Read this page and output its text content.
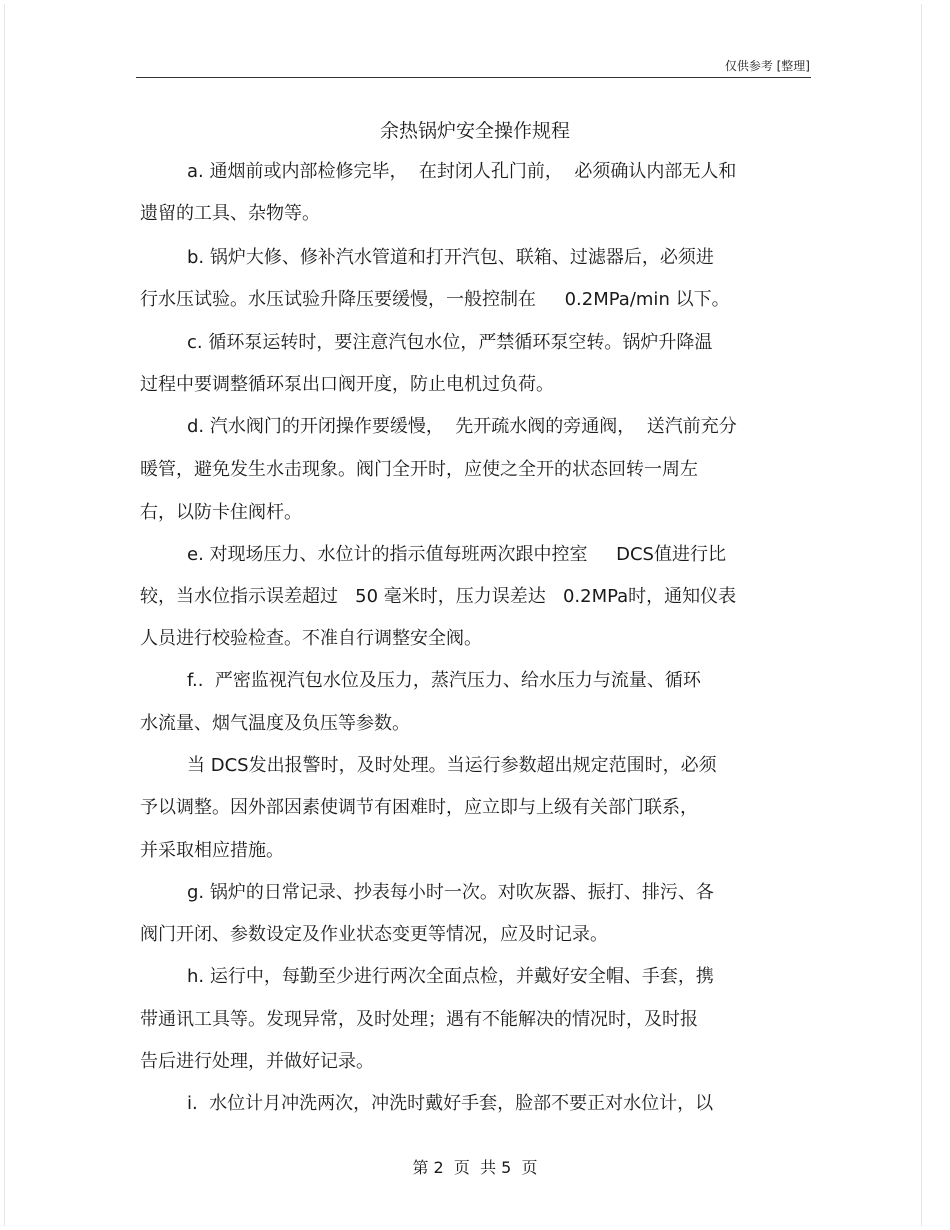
仅供参考 [整理]
余热锅炉安全操作规程
a. 通烟前或内部检修完毕，  在封闭人孔门前，  必须确认内部无人和
遗留的工具、杂物等。
b. 锅炉大修、修补汽水管道和打开汽包、联箱、过滤器后，必须进
行水压试验。水压试验升降压要缓慢，一般控制在     0.2MPa/min 以下。
c. 循环泵运转时，要注意汽包水位，严禁循环泵空转。锅炉升降温
过程中要调整循环泵出口阀开度，防止电机过负荷。
d. 汽水阀门的开闭操作要缓慢，  先开疏水阀的旁通阀，  送汽前充分
暖管，避免发生水击现象。阀门全开时，应使之全开的状态回转一周左
右，以防卡住阀杆。
e. 对现场压力、水位计的指示值每班两次跟中控室     DCS值进行比
较，当水位指示误差超过   50 毫米时，压力误差达   0.2MPa时，通知仪表
人员进行校验检查。不准自行调整安全阀。
f..  严密监视汽包水位及压力，蒸汽压力、给水压力与流量、循环
水流量、烟气温度及负压等参数。
当 DCS发出报警时，及时处理。当运行参数超出规定范围时，必须
予以调整。因外部因素使调节有困难时，应立即与上级有关部门联系，
并采取相应措施。
g. 锅炉的日常记录、抄表每小时一次。对吹灰器、振打、排污、各
阀门开闭、参数设定及作业状态变更等情况，应及时记录。
h. 运行中，每勤至少进行两次全面点检，并戴好安全帽、手套，携
带通讯工具等。发现异常，及时处理；遇有不能解决的情况时，及时报
告后进行处理，并做好记录。
i.  水位计月冲洗两次，冲洗时戴好手套，脸部不要正对水位计，以
第 2  页  共 5  页
